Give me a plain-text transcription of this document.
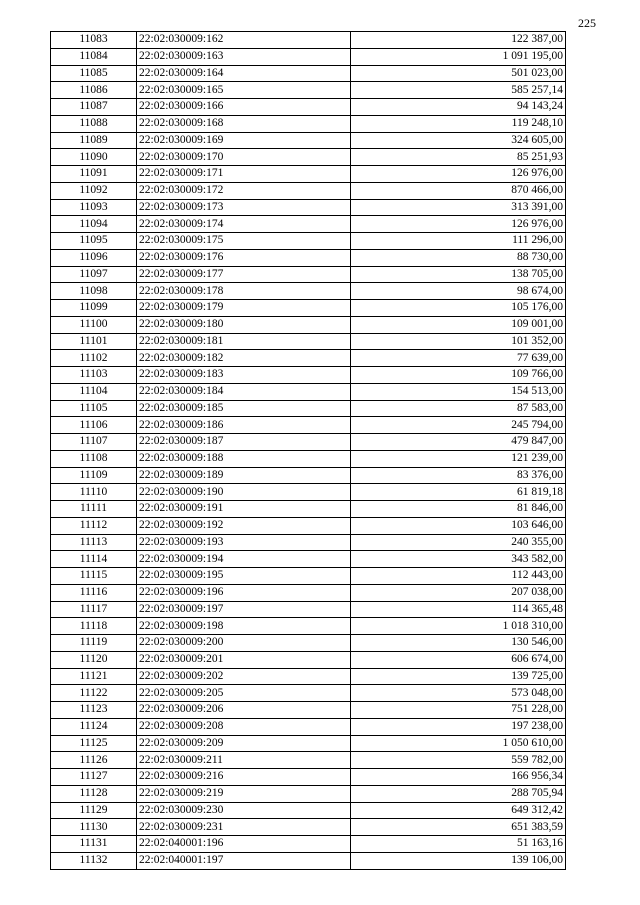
225
11083	22:02:030009:162	122 387,00
11084	22:02:030009:163	1 091 195,00
11085	22:02:030009:164	501 023,00
11086	22:02:030009:165	585 257,14
11087	22:02:030009:166	94 143,24
11088	22:02:030009:168	119 248,10
11089	22:02:030009:169	324 605,00
11090	22:02:030009:170	85 251,93
11091	22:02:030009:171	126 976,00
11092	22:02:030009:172	870 466,00
11093	22:02:030009:173	313 391,00
11094	22:02:030009:174	126 976,00
11095	22:02:030009:175	111 296,00
11096	22:02:030009:176	88 730,00
11097	22:02:030009:177	138 705,00
11098	22:02:030009:178	98 674,00
11099	22:02:030009:179	105 176,00
11100	22:02:030009:180	109 001,00
11101	22:02:030009:181	101 352,00
11102	22:02:030009:182	77 639,00
11103	22:02:030009:183	109 766,00
11104	22:02:030009:184	154 513,00
11105	22:02:030009:185	87 583,00
11106	22:02:030009:186	245 794,00
11107	22:02:030009:187	479 847,00
11108	22:02:030009:188	121 239,00
11109	22:02:030009:189	83 376,00
11110	22:02:030009:190	61 819,18
11111	22:02:030009:191	81 846,00
11112	22:02:030009:192	103 646,00
11113	22:02:030009:193	240 355,00
11114	22:02:030009:194	343 582,00
11115	22:02:030009:195	112 443,00
11116	22:02:030009:196	207 038,00
11117	22:02:030009:197	114 365,48
11118	22:02:030009:198	1 018 310,00
11119	22:02:030009:200	130 546,00
11120	22:02:030009:201	606 674,00
11121	22:02:030009:202	139 725,00
11122	22:02:030009:205	573 048,00
11123	22:02:030009:206	751 228,00
11124	22:02:030009:208	197 238,00
11125	22:02:030009:209	1 050 610,00
11126	22:02:030009:211	559 782,00
11127	22:02:030009:216	166 956,34
11128	22:02:030009:219	288 705,94
11129	22:02:030009:230	649 312,42
11130	22:02:030009:231	651 383,59
11131	22:02:040001:196	51 163,16
11132	22:02:040001:197	139 106,00
